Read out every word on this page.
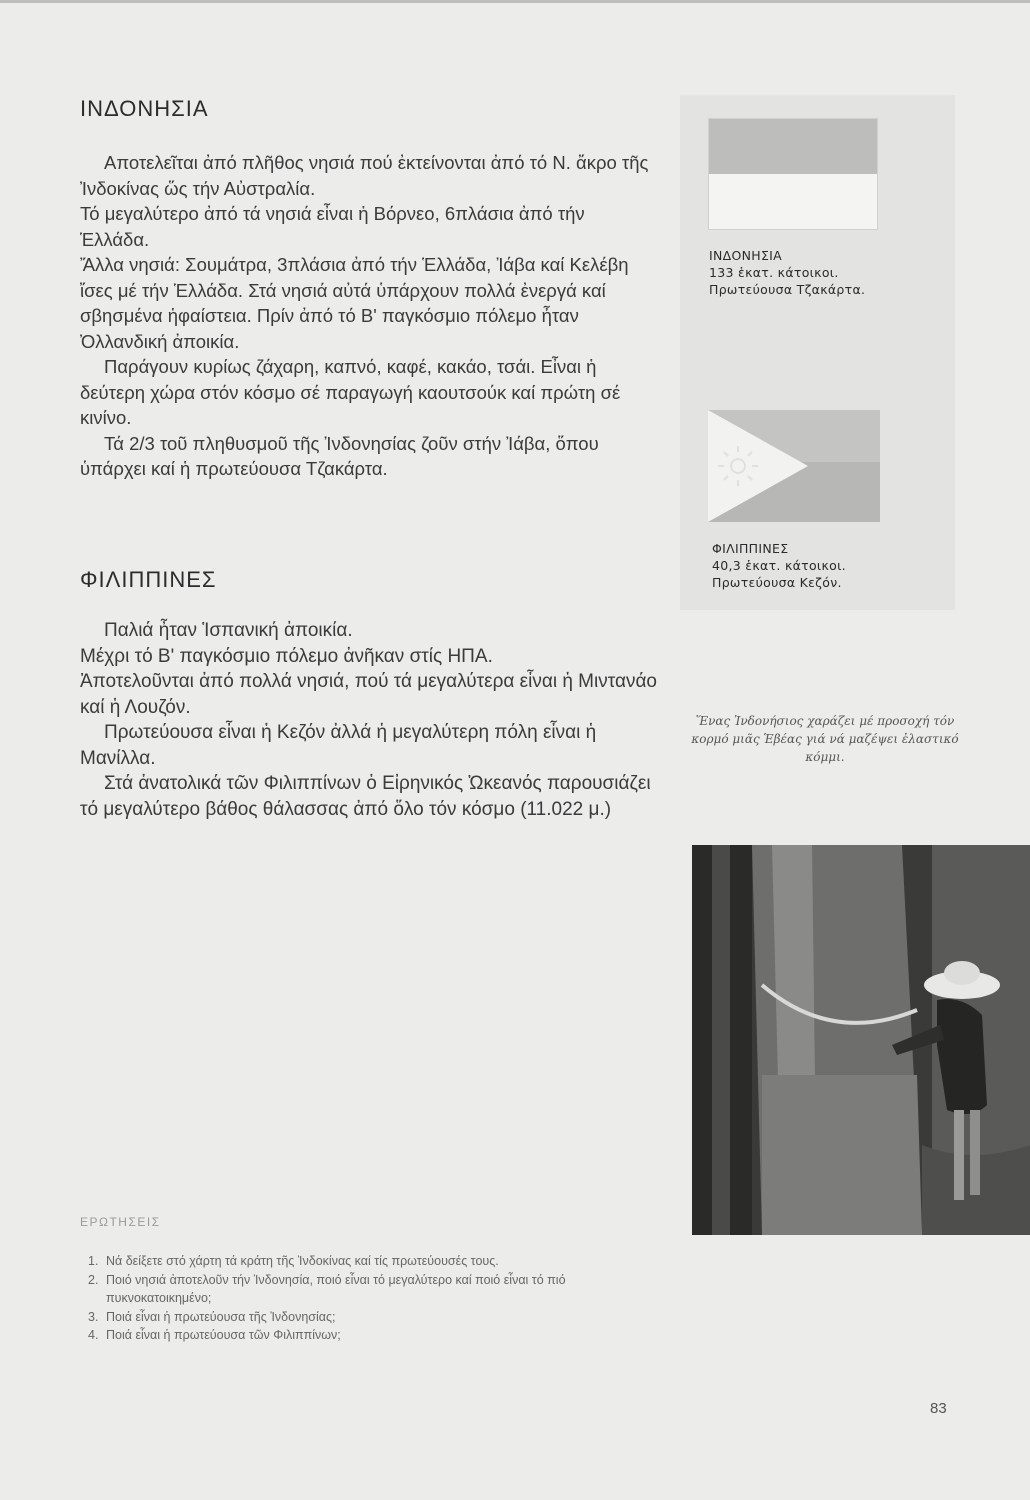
ΙΝΔΟΝΗΣΙΑ

Αποτελεῖται ἀπό πλῆθος νησιά πού ἐκτείνονται ἀπό τό Ν. ἄκρο τῆς Ἰνδοκίνας ὥς τήν Αὐστραλία.

Τό μεγαλύτερο ἀπό τά νησιά εἶναι ἡ Βόρνεο, 6πλάσια ἀπό τήν Ἑλλάδα.

Ἄλλα νησιά: Σουμάτρα, 3πλάσια ἀπό τήν Ἑλλάδα, Ἰάβα καί Κελέβη ἴσες μέ τήν Ἑλλάδα. Στά νησιά αὐτά ὑπάρχουν πολλά ἐνεργά καί σβησμένα ἡφαίστεια. Πρίν ἀπό τό Β' παγκόσμιο πόλεμο ἦταν Ὀλλανδική ἀποικία.

Παράγουν κυρίως ζάχαρη, καπνό, καφέ, κακάο, τσάι. Εἶναι ἡ δεύτερη χώρα στόν κόσμο σέ παραγωγή καουτσούκ καί πρώτη σέ κινίνο.

Τά 2/3 τοῦ πληθυσμοῦ τῆς Ἰνδονησίας ζοῦν στήν Ἰάβα, ὅπου ὑπάρχει καί ἡ πρωτεύουσα Τζακάρτα.

ΦΙΛΙΠΠΙΝΕΣ

Παλιά ἦταν Ἱσπανική ἀποικία.

Μέχρι τό Β' παγκόσμιο πόλεμο ἀνῆκαν στίς ΗΠΑ.

Ἀποτελοῦνται ἀπό πολλά νησιά, πού τά μεγαλύτερα εἶναι ἡ Μιντανάο καί ἡ Λουζόν.

Πρωτεύουσα εἶναι ἡ Κεζόν ἀλλά ἡ μεγαλύτερη πόλη εἶναι ἡ Μανίλλα.

Στά ἀνατολικά τῶν Φιλιππίνων ὁ Εἰρηνικός Ὠκεανός παρουσιάζει τό μεγαλύτερο βάθος θάλασσας ἀπό ὅλο τόν κόσμο (11.022 μ.)

ΙΝΔΟΝΗΣΙΑ
133 ἑκατ. κάτοικοι.
Πρωτεύουσα Τζακάρτα.
ΦΙΛΙΠΠΙΝΕΣ
40,3 ἑκατ. κάτοικοι.
Πρωτεύουσα Κεζόν.
Ἕνας Ἰνδονήσιος χαράζει μέ προσοχή τόν κορμό μιᾶς Ἑβέας γιά νά μαζέψει ἐλαστικό κόμμι.
ΕΡΩΤΗΣΕΙΣ
1. Νά δείξετε στό χάρτη τά κράτη τῆς Ἰνδοκίνας καί τίς πρωτεύουσές τους.
2. Ποιό νησιά ἀποτελοῦν τήν Ἰνδονησία, ποιό εἶναι τό μεγαλύτερο καί ποιό εἶναι τό πιό πυκνοκατοικημένο;
3. Ποιά εἶναι ἡ πρωτεύουσα τῆς Ἰνδονησίας;
4. Ποιά εἶναι ἡ πρωτεύουσα τῶν Φιλιππίνων;
83
